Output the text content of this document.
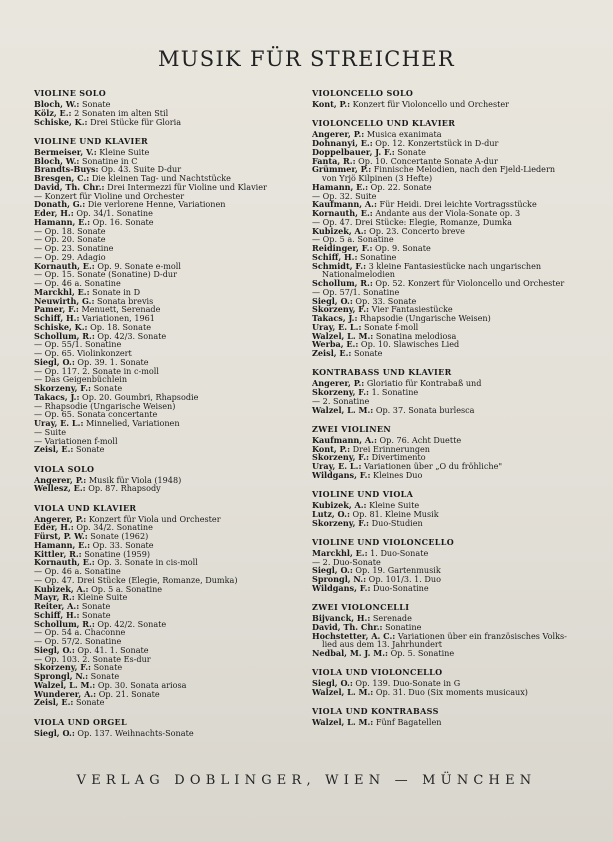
MUSIK FÜR STREICHER
VIOLINE SOLO
Bloch, W.: Sonate
Kölz, E.: 2 Sonaten im alten Stil
Schiske, K.: Drei Stücke für Gloria
VIOLINE UND KLAVIER
Bermeiser, V.: Kleine Suite
Bloch, W.: Sonatine in C
Brandts-Buys: Op. 43. Suite D-dur
Bresgen, C.: Die kleinen Tag- und Nachtstücke
David, Th. Chr.: Drei Intermezzi für Violine und Klavier
— Konzert für Violine und Orchester
Donath, G.: Die verlorene Henne, Variationen
Eder, H.: Op. 34/1. Sonatine
Hamann, E.: Op. 16. Sonate
— Op. 18. Sonate
— Op. 20. Sonate
— Op. 23. Sonatine
— Op. 29. Adagio
Kornauth, E.: Op. 9. Sonate e-moll
— Op. 15. Sonate (Sonatine) D-dur
— Op. 46 a. Sonatine
Marckhl, E.: Sonate in D
Neuwirth, G.: Sonata brevis
Pamer, F.: Menuett, Serenade
Schiff, H.: Variationen, 1961
Schiske, K.: Op. 18. Sonate
Schollum, R.: Op. 42/3. Sonate
— Op. 55/1. Sonatine
— Op. 65. Violinkonzert
Siegl, O.: Op. 39. 1. Sonate
— Op. 117. 2. Sonate in c-moll
— Das Geigenbüchlein
Skorzeny, F.: Sonate
Takacs, J.: Op. 20. Goumbri, Rhapsodie
— Rhapsodie (Ungarische Weisen)
— Op. 65. Sonata concertante
Uray, E. L.: Minnelied, Variationen
— Suite
— Variationen f-moll
Zeisl, E.: Sonate
VIOLA SOLO
Angerer, P.: Musik für Viola (1948)
Wellesz, E.: Op. 87. Rhapsody
VIOLA UND KLAVIER
Angerer, P.: Konzert für Viola und Orchester
Eder, H.: Op. 34/2. Sonatine
Fürst, P. W.: Sonate (1962)
Hamann, E.: Op. 33. Sonate
Kittler, R.: Sonatine (1959)
Kornauth, E.: Op. 3. Sonate in cis-moll
— Op. 46 a. Sonatine
— Op. 47. Drei Stücke (Elegie, Romanze, Dumka)
Kubizek, A.: Op. 5 a. Sonatine
Mayr, R.: Kleine Suite
Reiter, A.: Sonate
Schiff, H.: Sonate
Schollum, R.: Op. 42/2. Sonate
— Op. 54 a. Chaconne
— Op. 57/2. Sonatine
Siegl, O.: Op. 41. 1. Sonate
— Op. 103. 2. Sonate Es-dur
Skorzeny, F.: Sonate
Sprongl, N.: Sonate
Walzel, L. M.: Op. 30. Sonata ariosa
Wunderer, A.: Op. 21. Sonate
Zeisl, E.: Sonate
VIOLA UND ORGEL
Siegl, O.: Op. 137. Weihnachts-Sonate
VIOLONCELLO SOLO
Kont, P.: Konzert für Violoncello und Orchester
VIOLONCELLO UND KLAVIER
Angerer, P.: Musica exanimata
Dohnanyi, E.: Op. 12. Konzertstück in D-dur
Doppelbauer, J. F.: Sonate
Fanta, R.: Op. 10. Concertante Sonate A-dur
Grümmer, P.: Finnische Melodien, nach den Fjeld-Liedern
von Yrjö Kilpinen (3 Hefte)
Hamann, E.: Op. 22. Sonate
— Op. 32. Suite
Kaufmann, A.: Für Heidi. Drei leichte Vortragsstücke
Kornauth, E.: Andante aus der Viola-Sonate op. 3
— Op. 47. Drei Stücke: Elegie, Romanze, Dumka
Kubizek, A.: Op. 23. Concerto breve
— Op. 5 a. Sonatine
Reidinger, F.: Op. 9. Sonate
Schiff, H.: Sonatine
Schmidt, F.: 3 kleine Fantasiestücke nach ungarischen
Nationalmelodien
Schollum, R.: Op. 52. Konzert für Violoncello und Orchester
— Op. 57/1. Sonatine
Siegl, O.: Op. 33. Sonate
Skorzeny, F.: Vier Fantasiestücke
Takacs, J.: Rhapsodie (Ungarische Weisen)
Uray, E. L.: Sonate f-moll
Walzel, L. M.: Sonatina melodiosa
Werba, E.: Op. 10. Slawisches Lied
Zeisl, E.: Sonate
KONTRABASS UND KLAVIER
Angerer, P.: Gloriatio für Kontrabaß und
Skorzeny, F.: 1. Sonatine
— 2. Sonatine
Walzel, L. M.: Op. 37. Sonata burlesca
ZWEI VIOLINEN
Kaufmann, A.: Op. 76. Acht Duette
Kont, P.: Drei Erinnerungen
Skorzeny, F.: Divertimento
Uray, E. L.: Variationen über „O du fröhliche"
Wildgans, F.: Kleines Duo
VIOLINE UND VIOLA
Kubizek, A.: Kleine Suite
Lutz, O.: Op. 81. Kleine Musik
Skorzeny, F.: Duo-Studien
VIOLINE UND VIOLONCELLO
Marckhl, E.: 1. Duo-Sonate
— 2. Duo-Sonate
Siegl, O.: Op. 19. Gartenmusik
Sprongl, N.: Op. 101/3. 1. Duo
Wildgans, F.: Duo-Sonatine
ZWEI VIOLONCELLI
Bijvanck, H.: Serenade
David, Th. Chr.: Sonatine
Hochstetter, A. C.: Variationen über ein französisches Volks-
lied aus dem 13. Jahrhundert
Nedbal, M. J. M.: Op. 5. Sonatine
VIOLA UND VIOLONCELLO
Siegl, O.: Op. 139. Duo-Sonate in G
Walzel, L. M.: Op. 31. Duo (Six moments musicaux)
VIOLA UND KONTRABASS
Walzel, L. M.: Fünf Bagatellen
VERLAG DOBLINGER, WIEN — MÜNCHEN
